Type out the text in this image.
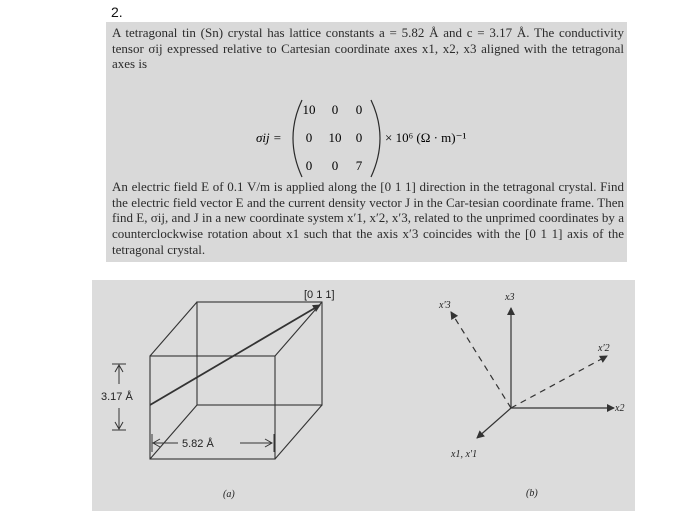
2.
A tetragonal tin (Sn) crystal has lattice constants a = 5.82 Å and c = 3.17 Å. The conductivity tensor σij expressed relative to Cartesian coordinate axes x1, x2, x3 aligned with the tetragonal axes is
σij =
10 0 0
0 10 0
0 0 7
× 10⁶ (Ω · m)⁻¹
An electric field E of 0.1 V/m is applied along the [0 1 1] direction in the tetragonal crystal. Find the electric field vector E and the current density vector J in the Car-tesian coordinate frame. Then find E, σij, and J in a new coordinate system x′1, x′2, x′3, related to the unprimed coordinates by a counterclockwise rotation about x1 such that the axis x′3 coincides with the [0 1 1] axis of the tetragonal crystal.
[0 1 1]
3.17 Å
5.82 Å
(a)
x3
x′3
x′2
x2
x1, x′1
(b)
